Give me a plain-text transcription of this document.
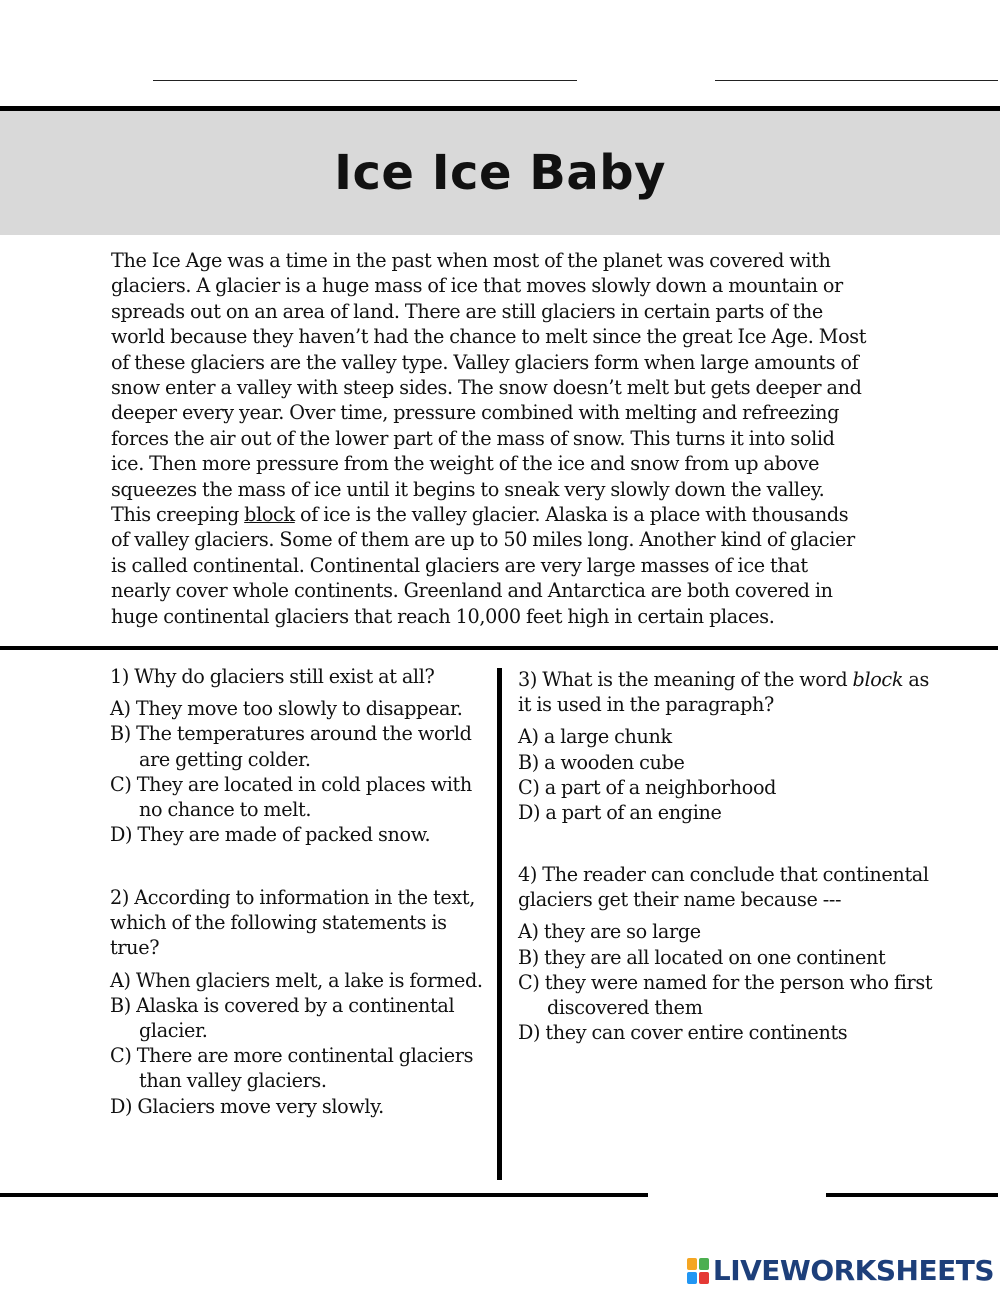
Ice Ice Baby
The Ice Age was a time in the past when most of the planet was covered with
glaciers. A glacier is a huge mass of ice that moves slowly down a mountain or
spreads out on an area of land. There are still glaciers in certain parts of the
world because they haven’t had the chance to melt since the great Ice Age. Most
of these glaciers are the valley type. Valley glaciers form when large amounts of
snow enter a valley with steep sides. The snow doesn’t melt but gets deeper and
deeper every year. Over time, pressure combined with melting and refreezing
forces the air out of the lower part of the mass of snow. This turns it into solid
ice. Then more pressure from the weight of the ice and snow from up above
squeezes the mass of ice until it begins to sneak very slowly down the valley.
This creeping block of ice is the valley glacier. Alaska is a place with thousands
of valley glaciers. Some of them are up to 50 miles long. Another kind of glacier
is called continental. Continental glaciers are very large masses of ice that
nearly cover whole continents. Greenland and Antarctica are both covered in
huge continental glaciers that reach 10,000 feet high in certain places.
1) Why do glaciers still exist at all?
A) They move too slowly to disappear.
B) The temperatures around the world are getting colder.
C) They are located in cold places with no chance to melt.
D) They are made of packed snow.
2) According to information in the text, which of the following statements is true?
A) When glaciers melt, a lake is formed.
B) Alaska is covered by a continental glacier.
C) There are more continental glaciers than valley glaciers.
D) Glaciers move very slowly.
3) What is the meaning of the word block as it is used in the paragraph?
A) a large chunk
B) a wooden cube
C) a part of a neighborhood
D) a part of an engine
4) The reader can conclude that continental glaciers get their name because ---
A) they are so large
B) they are all located on one continent
C) they were named for the person who first discovered them
D) they can cover entire continents
LIVEWORKSHEETS
